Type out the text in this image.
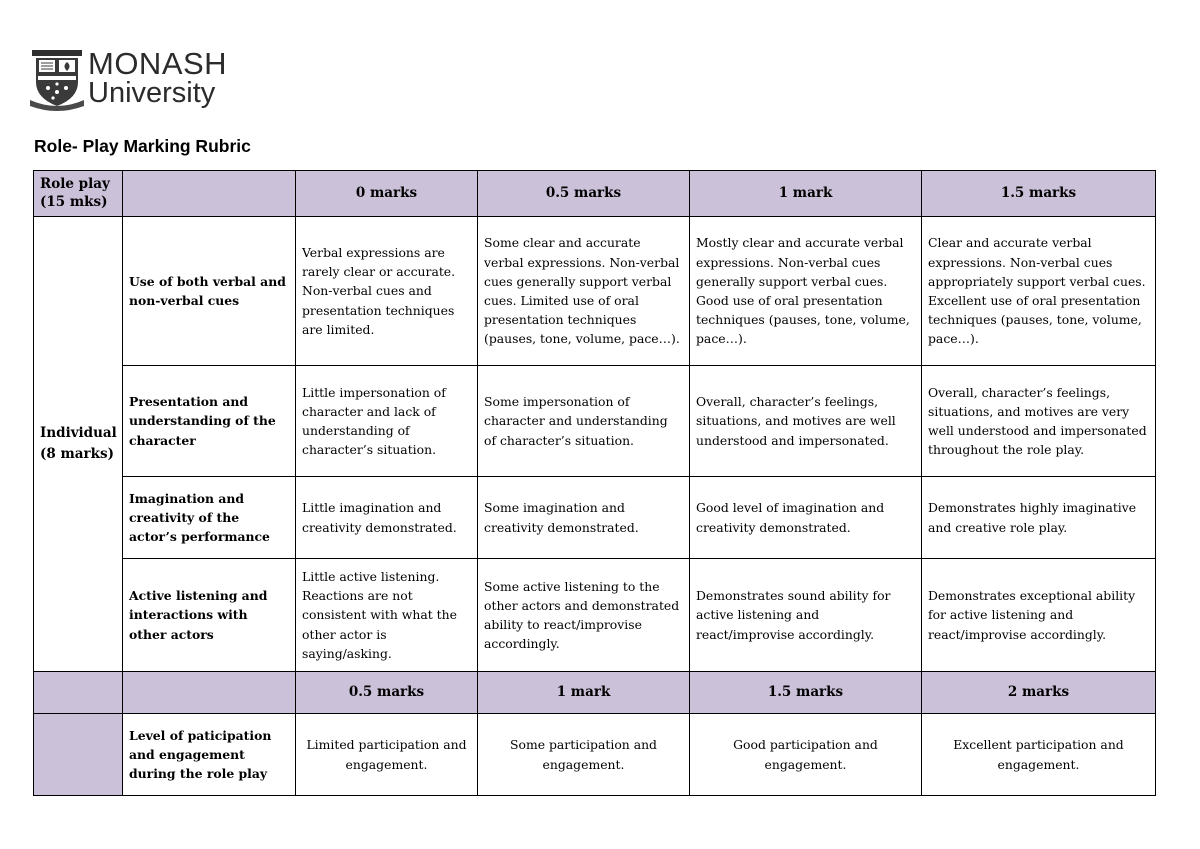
MONASH
University
Role- Play Marking Rubric
Role play
(15 mks)		0 marks	0.5 marks	1 mark	1.5 marks
Individual
(8 marks)	Use of both verbal and non-verbal cues	Verbal expressions are rarely clear or accurate. Non-verbal cues and presentation techniques are limited.	Some clear and accurate verbal expressions. Non-verbal cues generally support verbal cues. Limited use of oral presentation techniques (pauses, tone, volume, pace…).	Mostly clear and accurate verbal expressions. Non-verbal cues generally support verbal cues. Good use of oral presentation techniques (pauses, tone, volume, pace…).	Clear and accurate verbal expressions. Non-verbal cues appropriately support verbal cues. Excellent use of oral presentation techniques (pauses, tone, volume, pace…).
	Presentation and understanding of the character	Little impersonation of character and lack of understanding of character’s situation.	Some impersonation of character and understanding of character’s situation.	Overall, character’s feelings, situations, and motives are well understood and impersonated.	Overall, character’s feelings, situations, and motives are very well understood and impersonated throughout the role play.
	Imagination and creativity of the actor’s performance	Little imagination and creativity demonstrated.	Some imagination and creativity demonstrated.	Good level of imagination and creativity demonstrated.	Demonstrates highly imaginative and creative role play.
	Active listening and interactions with other actors	Little active listening. Reactions are not consistent with what the other actor is saying/asking.	Some active listening to the other actors and demonstrated ability to react/improvise accordingly.	Demonstrates sound ability for active listening and react/improvise accordingly.	Demonstrates exceptional ability for active listening and react/improvise accordingly.
		0.5 marks	1 mark	1.5 marks	2 marks
	Level of paticipation and engagement during the role play	Limited participation and engagement.	Some participation and engagement.	Good participation and engagement.	Excellent participation and engagement.
